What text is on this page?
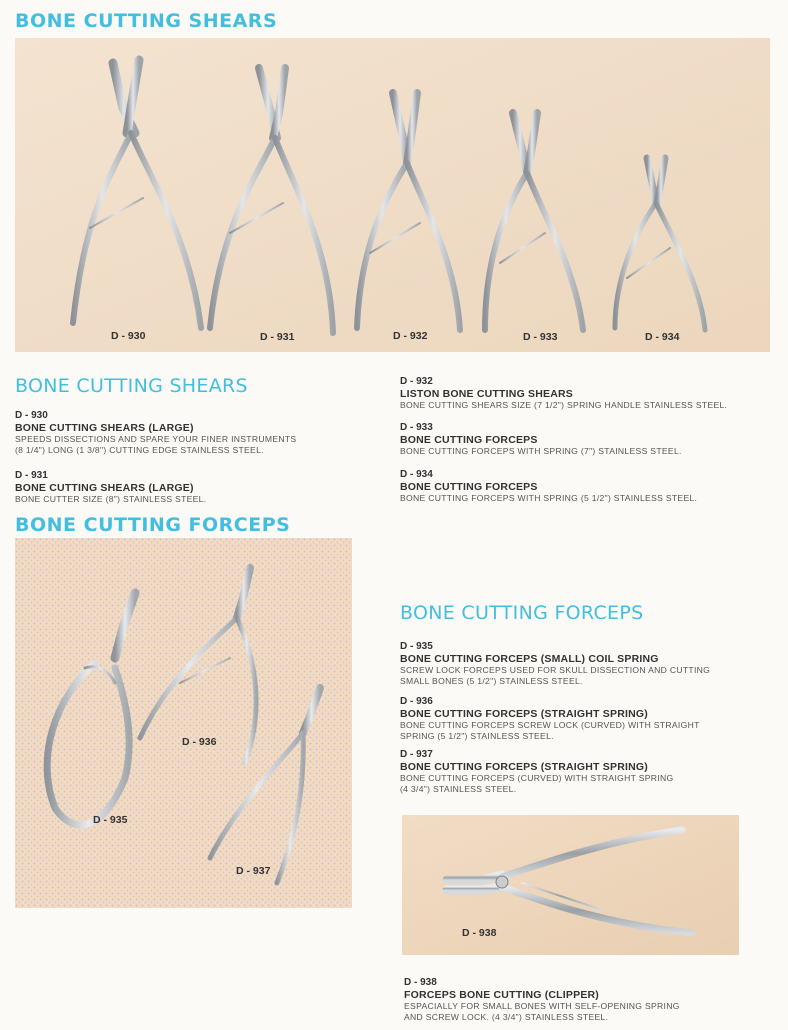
BONE CUTTING SHEARS
D - 930	D - 931	D - 932	D - 933	D - 934
BONE CUTTING SHEARS
D - 930
BONE CUTTING SHEARS (LARGE)
SPEEDS DISSECTIONS AND SPARE YOUR FINER INSTRUMENTS
(8 1/4") LONG (1 3/8") CUTTING EDGE STAINLESS STEEL.
D - 931
BONE CUTTING SHEARS (LARGE)
BONE CUTTER SIZE (8") STAINLESS STEEL.
D - 932
LISTON BONE CUTTING SHEARS
BONE CUTTING SHEARS SIZE (7 1/2") SPRING HANDLE STAINLESS STEEL.
D - 933
BONE CUTTING FORCEPS
BONE CUTTING FORCEPS WITH SPRING (7") STAINLESS STEEL.
D - 934
BONE CUTTING FORCEPS
BONE CUTTING FORCEPS WITH SPRING (5 1/2") STAINLESS STEEL.
BONE CUTTING FORCEPS
D - 936
D - 935
D - 937
BONE CUTTING FORCEPS
D - 935
BONE CUTTING FORCEPS (SMALL) COIL SPRING
SCREW LOCK FORCEPS USED FOR SKULL DISSECTION AND CUTTING
SMALL BONES (5 1/2") STAINLESS STEEL.
D - 936
BONE CUTTING FORCEPS (STRAIGHT SPRING)
BONE CUTTING FORCEPS SCREW LOCK (CURVED) WITH STRAIGHT
SPRING (5 1/2") STAINLESS STEEL.
D - 937
BONE CUTTING FORCEPS (STRAIGHT SPRING)
BONE CUTTING FORCEPS (CURVED) WITH STRAIGHT SPRING
(4 3/4") STAINLESS STEEL.
D - 938
D - 938
FORCEPS BONE CUTTING (CLIPPER)
ESPACIALLY FOR SMALL BONES WITH SELF-OPENING SPRING
AND SCREW LOCK. (4 3/4") STAINLESS STEEL.
